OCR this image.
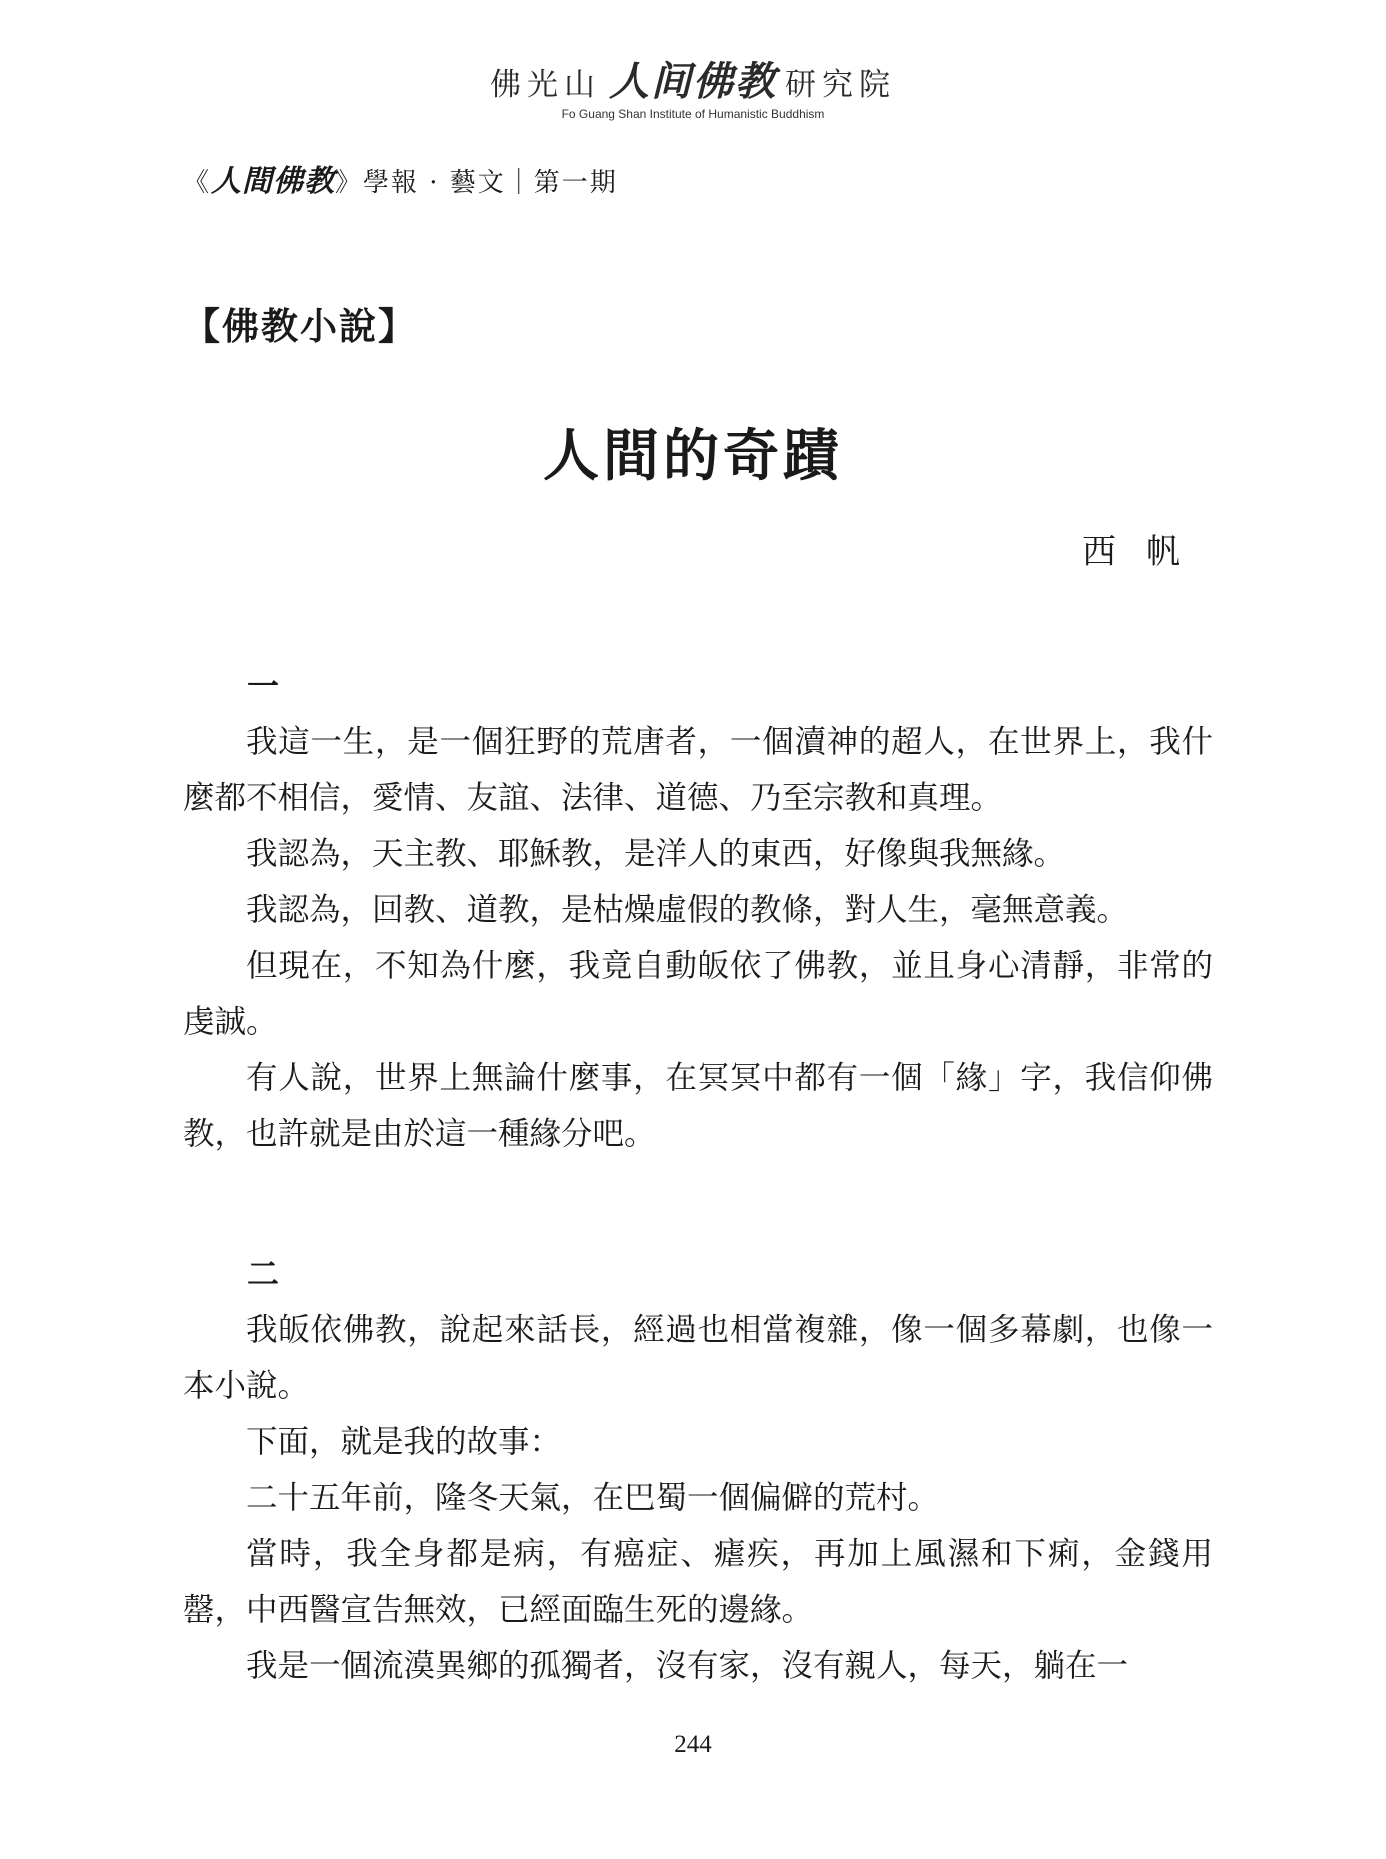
佛光山 人间佛教 研究院
Fo Guang Shan Institute of Humanistic Buddhism
《人間佛教》學報 · 藝文｜第一期
【佛教小說】
人間的奇蹟
西帆
一

我這一生，是一個狂野的荒唐者，一個瀆神的超人，在世界上，我什麼都不相信，愛情、友誼、法律、道德、乃至宗教和真理。

我認為，天主教、耶穌教，是洋人的東西，好像與我無緣。

我認為，回教、道教，是枯燥虛假的教條，對人生，毫無意義。

但現在，不知為什麼，我竟自動皈依了佛教，並且身心清靜，非常的虔誠。

有人說，世界上無論什麼事，在冥冥中都有一個「緣」字，我信仰佛教，也許就是由於這一種緣分吧。

二

我皈依佛教，說起來話長，經過也相當複雜，像一個多幕劇，也像一本小說。

下面，就是我的故事：

二十五年前，隆冬天氣，在巴蜀一個偏僻的荒村。

當時，我全身都是病，有癌症、瘧疾，再加上風濕和下痢，金錢用罄，中西醫宣告無效，已經面臨生死的邊緣。

我是一個流漠異鄉的孤獨者，沒有家，沒有親人，每天，躺在一

244
